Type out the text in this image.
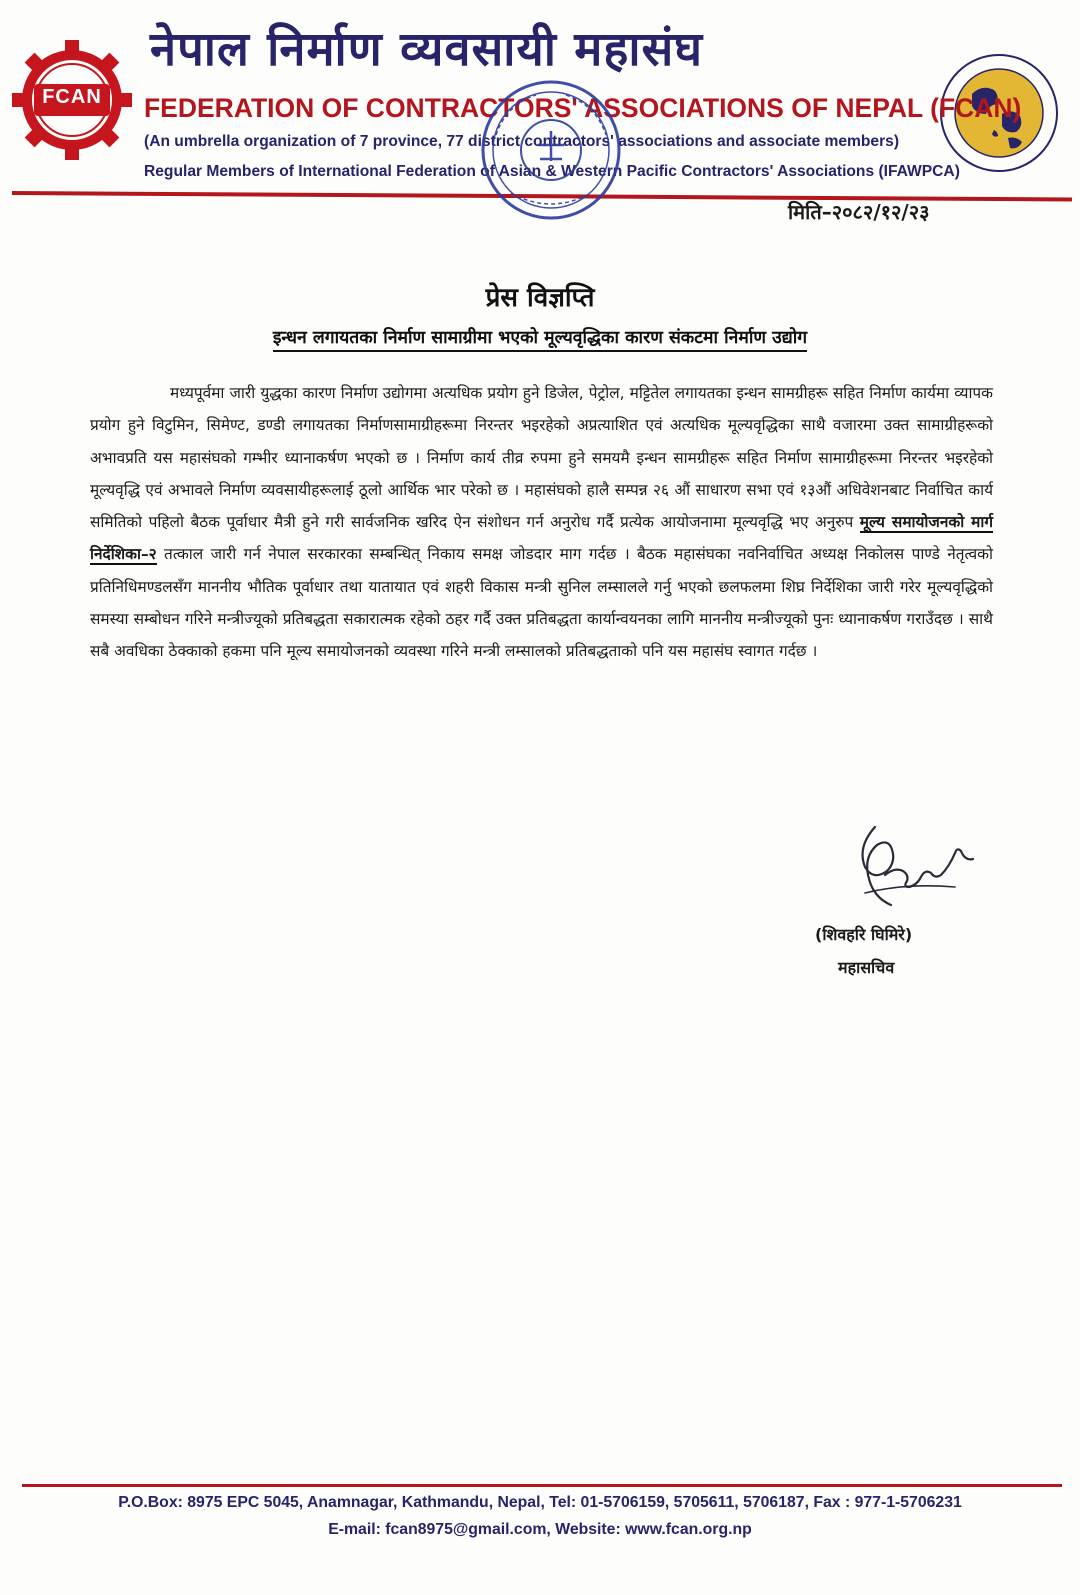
FCAN
नेपाल निर्माण व्यवसायी महासंघ
FEDERATION OF CONTRACTORS' ASSOCIATIONS OF NEPAL (FCAN)
(An umbrella organization of 7 province, 77 district contractors' associations and associate members)
Regular Members of International Federation of Asian & Western Pacific Contractors' Associations (IFAWPCA)
मिति–२०८२/१२/२३
प्रेस विज्ञप्ति
इन्धन लगायतका निर्माण सामाग्रीमा भएको मूल्यवृद्धिका कारण संकटमा निर्माण उद्योग
मध्यपूर्वमा जारी युद्धका कारण निर्माण उद्योगमा अत्यधिक प्रयोग हुने डिजेल, पेट्रोल, मट्टितेल लगायतका इन्धन सामग्रीहरू सहित निर्माण कार्यमा व्यापक प्रयोग हुने विटुमिन, सिमेण्ट, डण्डी लगायतका निर्माणसामाग्रीहरूमा निरन्तर भइरहेको अप्रत्याशित एवं अत्यधिक मूल्यवृद्धिका साथै वजारमा उक्त सामाग्रीहरूको अभावप्रति यस महासंघको गम्भीर ध्यानाकर्षण भएको छ । निर्माण कार्य तीव्र रुपमा हुने समयमै इन्धन सामग्रीहरू सहित निर्माण सामाग्रीहरूमा निरन्तर भइरहेको मूल्यवृद्धि एवं अभावले निर्माण व्यवसायीहरूलाई ठूलो आर्थिक भार परेको छ । महासंघको हालै सम्पन्न २६ औं साधारण सभा एवं १३औं अधिवेशनबाट निर्वाचित कार्य समितिको पहिलो बैठक पूर्वाधार मैत्री हुने गरी सार्वजनिक खरिद ऐन संशोधन गर्न अनुरोध गर्दै प्रत्येक आयोजनामा मूल्यवृद्धि भए अनुरुप मूल्य समायोजनको मार्ग निर्देशिका–२ तत्काल जारी गर्न नेपाल सरकारका सम्बन्धित् निकाय समक्ष जोडदार माग गर्दछ । बैठक महासंघका नवनिर्वाचित अध्यक्ष निकोलस पाण्डे नेतृत्वको प्रतिनिधिमण्डलसँग माननीय भौतिक पूर्वाधार तथा यातायात एवं शहरी विकास मन्त्री सुनिल लम्सालले गर्नु भएको छलफलमा शिघ्र निर्देशिका जारी गरेर मूल्यवृद्धिको समस्या सम्बोधन गरिने मन्त्रीज्यूको प्रतिबद्धता सकारात्मक रहेको ठहर गर्दै उक्त प्रतिबद्धता कार्यान्वयनका लागि माननीय मन्त्रीज्यूको पुनः ध्यानाकर्षण गराउँदछ । साथै सबै अवधिका ठेक्काको हकमा पनि मूल्य समायोजनको व्यवस्था गरिने मन्त्री लम्सालको प्रतिबद्धताको पनि यस महासंघ स्वागत गर्दछ ।
(शिवहरि घिमिरे)
महासचिव
P.O.Box: 8975 EPC 5045, Anamnagar, Kathmandu, Nepal, Tel: 01-5706159, 5705611, 5706187, Fax : 977-1-5706231
E-mail: fcan8975@gmail.com, Website: www.fcan.org.np
